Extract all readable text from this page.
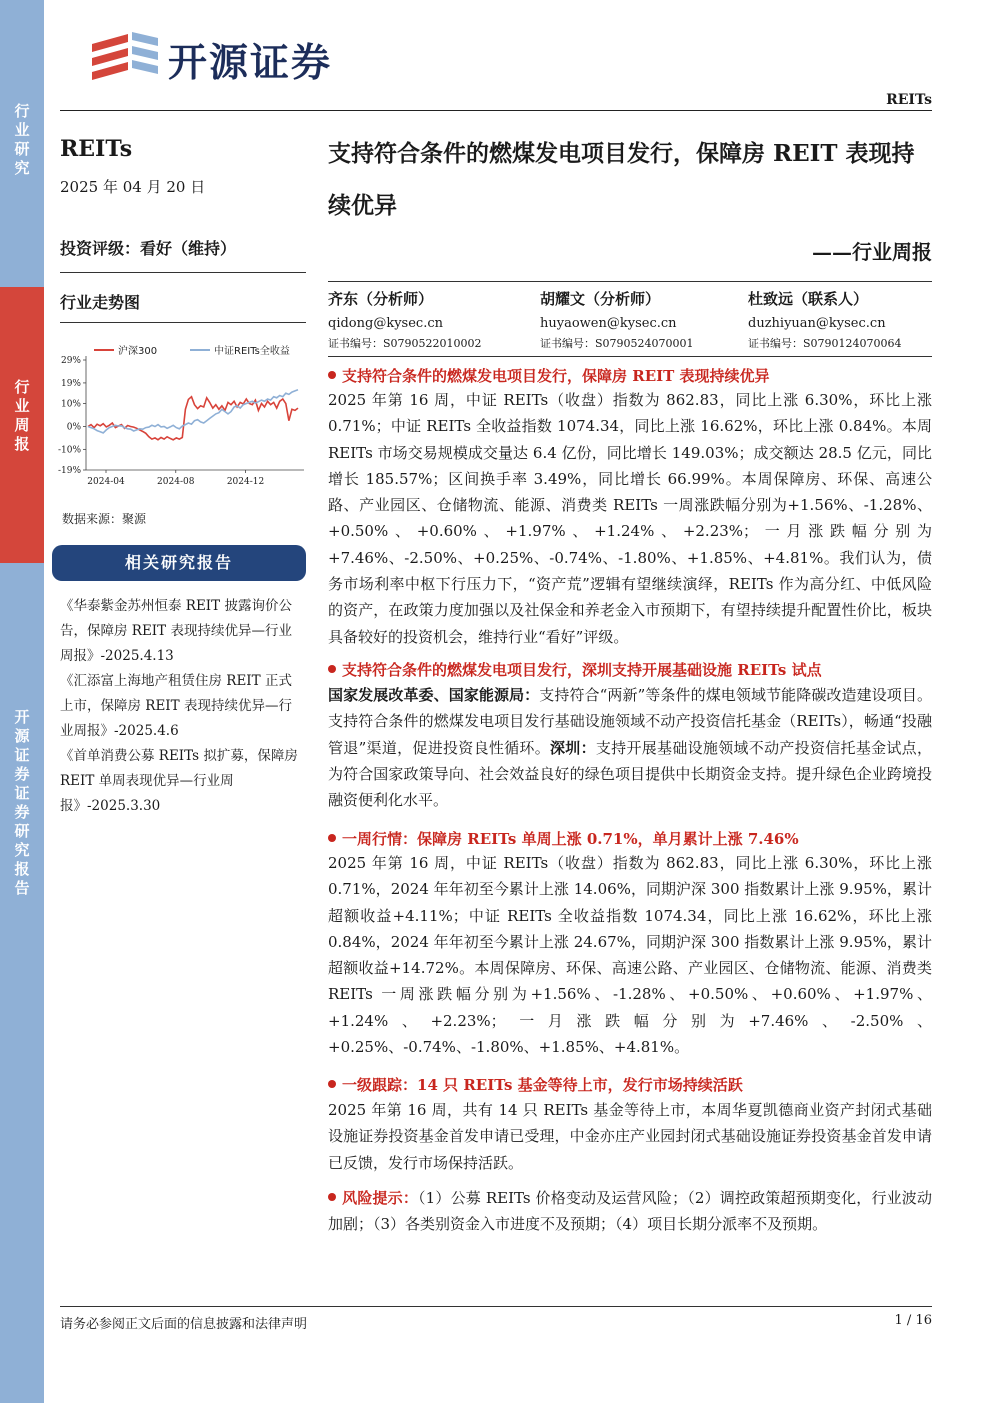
行业研究
行业周报
开源证券 证券研究报告
开源证券
REITs
REITs
2025 年 04 月 20 日
投资评级：看好（维持）
行业走势图
29%
19%
10%
0%
-10%
-19%
2024-04	2024-08	2024-12
沪深300	中证REITs全收益
数据来源：聚源
相关研究报告
《华泰紫金苏州恒泰 REIT 披露询价公告，保障房 REIT 表现持续优异—行业周报》-2025.4.13
《汇添富上海地产租赁住房 REIT 正式上市，保障房 REIT 表现持续优异—行业周报》-2025.4.6
《首单消费公募 REITs 拟扩募，保障房 REIT 单周表现优异—行业周报》-2025.3.30
支持符合条件的燃煤发电项目发行，保障房 REIT 表现持续优异
——行业周报
齐东（分析师）
qidong@kysec.cn
证书编号：S0790522010002
胡耀文（分析师）
huyaowen@kysec.cn
证书编号：S0790524070001
杜致远（联系人）
duzhiyuan@kysec.cn
证书编号：S0790124070064
支持符合条件的燃煤发电项目发行，保障房 REIT 表现持续优异
2025 年第 16 周，中证 REITs（收盘）指数为 862.83，同比上涨 6.30%，环比上涨 0.71%；中证 REITs 全收益指数 1074.34，同比上涨 16.62%，环比上涨 0.84%。本周 REITs 市场交易规模成交量达 6.4 亿份，同比增长 149.03%；成交额达 28.5 亿元，同比增长 185.57%；区间换手率 3.49%，同比增长 66.99%。本周保障房、环保、高速公路、产业园区、仓储物流、能源、消费类 REITs 一周涨跌幅分别为+1.56%、-1.28%、+0.50%、+0.60%、+1.97%、+1.24%、+2.23%；一月涨跌幅分别为+7.46%、-2.50%、+0.25%、-0.74%、-1.80%、+1.85%、+4.81%。我们认为，债务市场利率中枢下行压力下，“资产荒”逻辑有望继续演绎，REITs 作为高分红、中低风险的资产，在政策力度加强以及社保金和养老金入市预期下，有望持续提升配置性价比，板块具备较好的投资机会，维持行业“看好”评级。
支持符合条件的燃煤发电项目发行，深圳支持开展基础设施 REITs 试点
国家发展改革委、国家能源局：支持符合“两新”等条件的煤电领域节能降碳改造建设项目。支持符合条件的燃煤发电项目发行基础设施领域不动产投资信托基金（REITs），畅通“投融管退”渠道，促进投资良性循环。深圳：支持开展基础设施领域不动产投资信托基金试点，为符合国家政策导向、社会效益良好的绿色项目提供中长期资金支持。提升绿色企业跨境投融资便利化水平。
一周行情：保障房 REITs 单周上涨 0.71%，单月累计上涨 7.46%
2025 年第 16 周，中证 REITs（收盘）指数为 862.83，同比上涨 6.30%，环比上涨 0.71%，2024 年年初至今累计上涨 14.06%，同期沪深 300 指数累计上涨 9.95%，累计超额收益+4.11%；中证 REITs 全收益指数 1074.34，同比上涨 16.62%，环比上涨 0.84%，2024 年年初至今累计上涨 24.67%，同期沪深 300 指数累计上涨 9.95%，累计超额收益+14.72%。本周保障房、环保、高速公路、产业园区、仓储物流、能源、消费类 REITs 一周涨跌幅分别为+1.56%、-1.28%、+0.50%、+0.60%、+1.97%、+1.24%、+2.23%；一月涨跌幅分别为+7.46%、-2.50%、+0.25%、-0.74%、-1.80%、+1.85%、+4.81%。
一级跟踪：14 只 REITs 基金等待上市，发行市场持续活跃
2025 年第 16 周，共有 14 只 REITs 基金等待上市，本周华夏凯德商业资产封闭式基础设施证券投资基金首发申请已受理，中金亦庄产业园封闭式基础设施证券投资基金首发申请已反馈，发行市场保持活跃。
风险提示：（1）公募 REITs 价格变动及运营风险；（2）调控政策超预期变化，行业波动加剧；（3）各类别资金入市进度不及预期；（4）项目长期分派率不及预期。
请务必参阅正文后面的信息披露和法律声明	1 / 16
